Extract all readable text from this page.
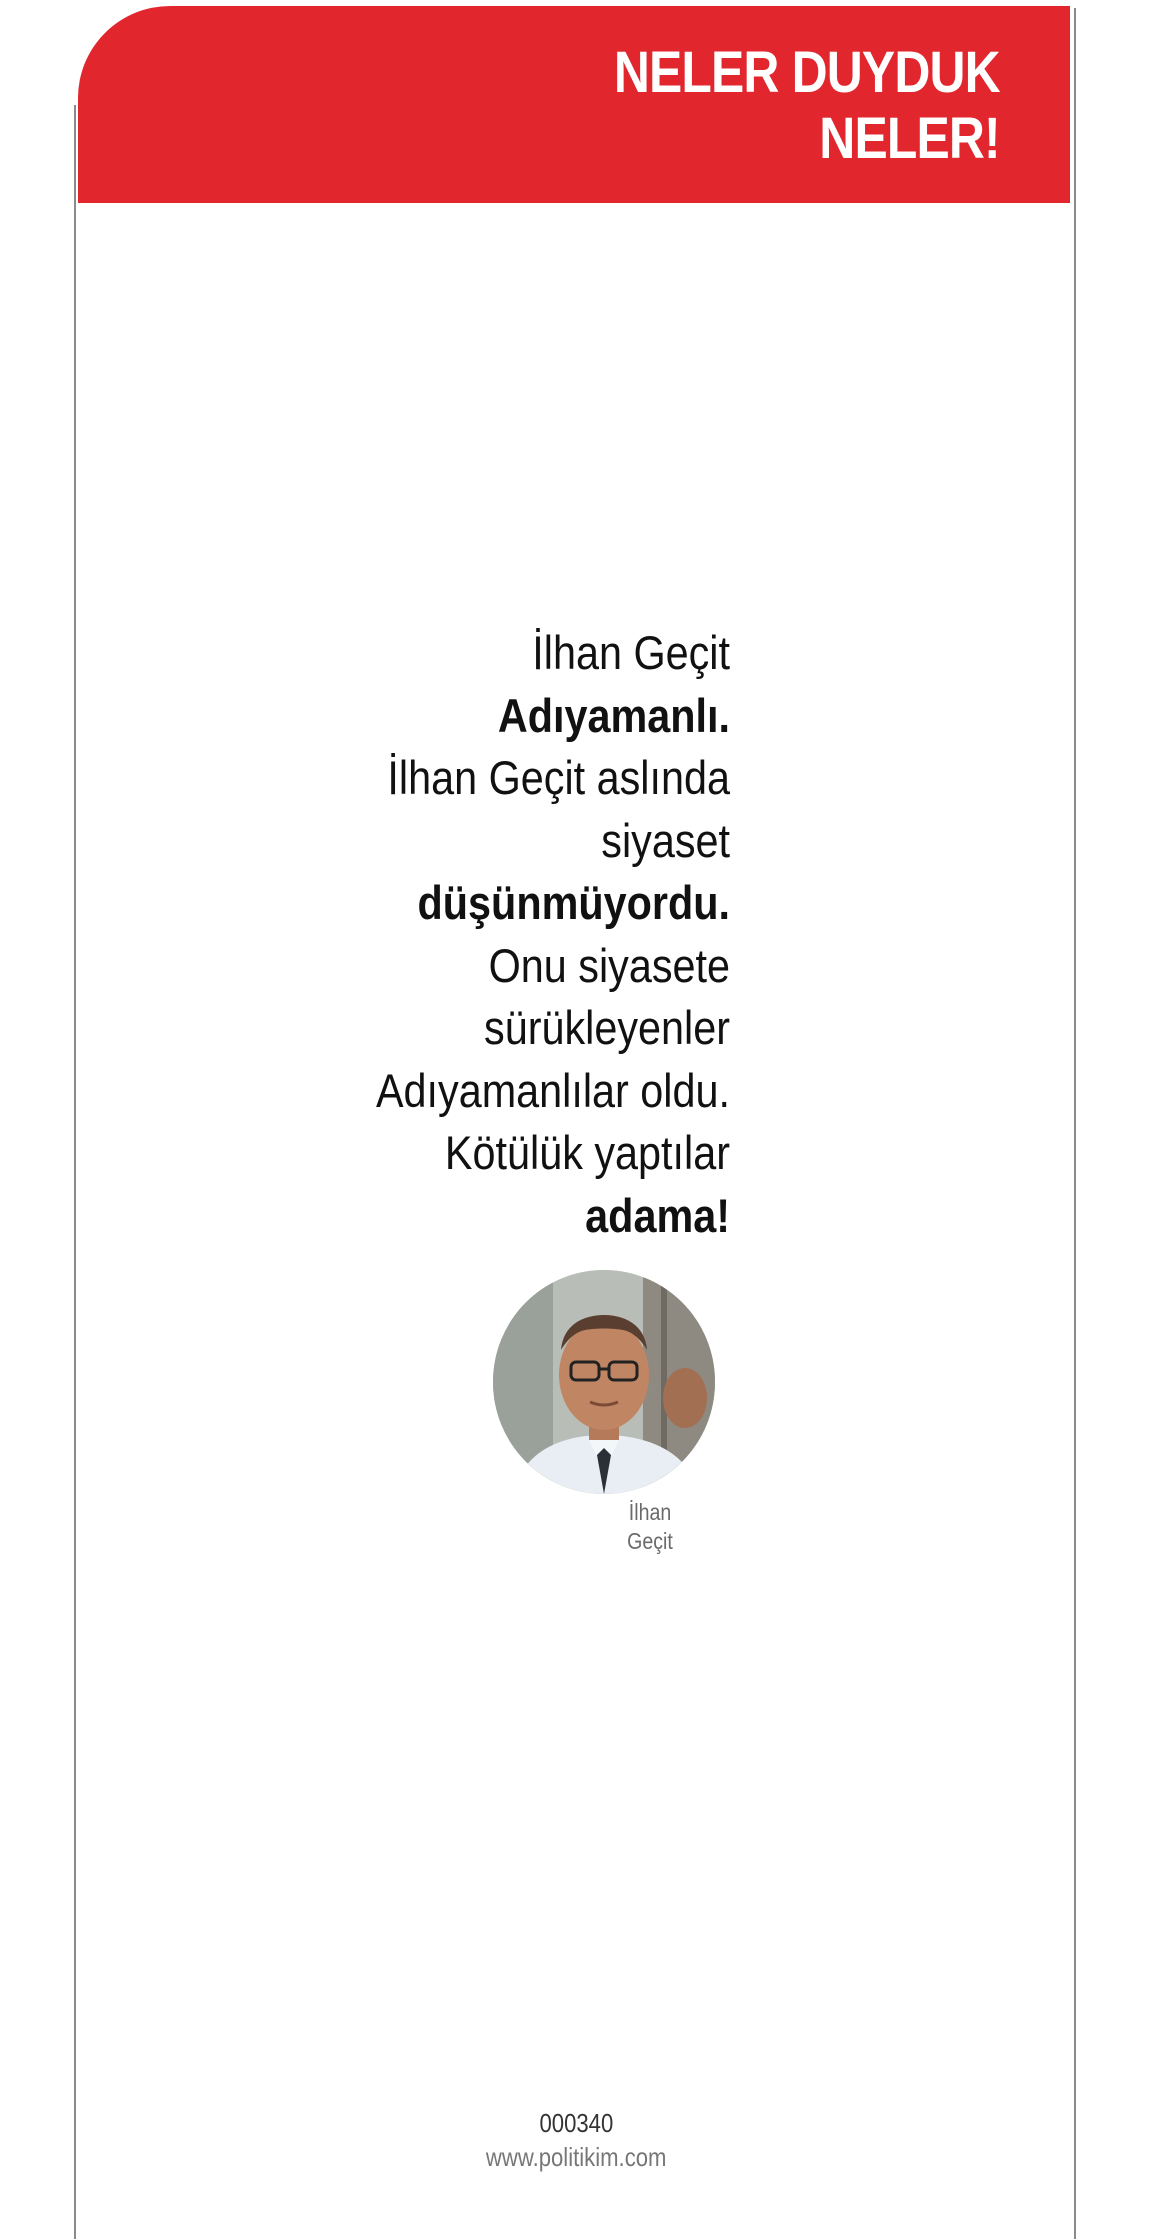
NELER DUYDUK
NELER!
İlhan Geçit
Adıyamanlı.
İlhan Geçit aslında
siyaset
düşünmüyordu.
Onu siyasete
sürükleyenler
Adıyamanlılar oldu.
Kötülük yaptılar
adama!
İlhan
Geçit
000340
www.politikim.com
